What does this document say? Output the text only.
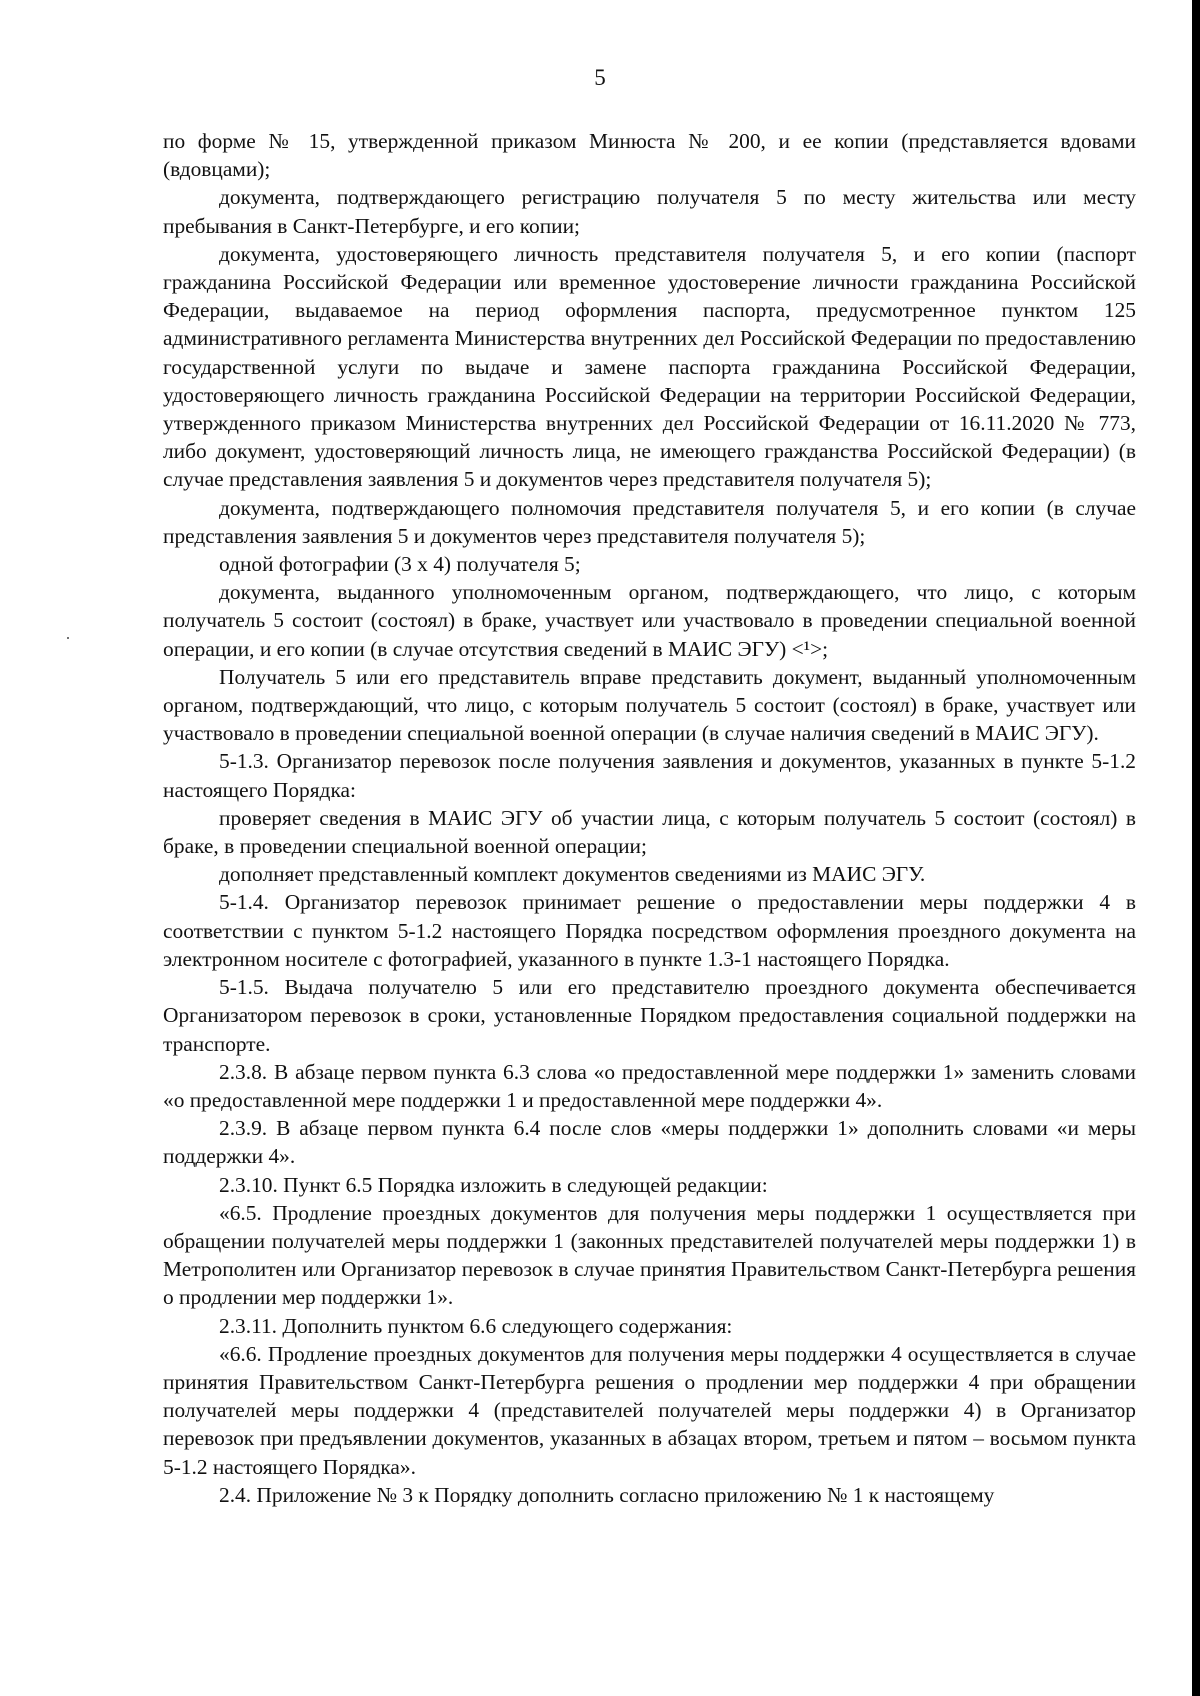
5

по форме № 15, утвержденной приказом Минюста № 200, и ее копии (представляется вдовами (вдовцами);

документа, подтверждающего регистрацию получателя 5 по месту жительства или месту пребывания в Санкт-Петербурге, и его копии;

документа, удостоверяющего личность представителя получателя 5, и его копии (паспорт гражданина Российской Федерации или временное удостоверение личности гражданина Российской Федерации, выдаваемое на период оформления паспорта, предусмотренное пунктом 125 административного регламента Министерства внутренних дел Российской Федерации по предоставлению государственной услуги по выдаче и замене паспорта гражданина Российской Федерации, удостоверяющего личность гражданина Российской Федерации на территории Российской Федерации, утвержденного приказом Министерства внутренних дел Российской Федерации от 16.11.2020 № 773, либо документ, удостоверяющий личность лица, не имеющего гражданства Российской Федерации) (в случае представления заявления 5 и документов через представителя получателя 5);

документа, подтверждающего полномочия представителя получателя 5, и его копии (в случае представления заявления 5 и документов через представителя получателя 5);

одной фотографии (3 х 4) получателя 5;

документа, выданного уполномоченным органом, подтверждающего, что лицо, с которым получатель 5 состоит (состоял) в браке, участвует или участвовало в проведении специальной военной операции, и его копии (в случае отсутствия сведений в МАИС ЭГУ) <¹>;

Получатель 5 или его представитель вправе представить документ, выданный уполномоченным органом, подтверждающий, что лицо, с которым получатель 5 состоит (состоял) в браке, участвует или участвовало в проведении специальной военной операции (в случае наличия сведений в МАИС ЭГУ).

5-1.3. Организатор перевозок после получения заявления и документов, указанных в пункте 5-1.2 настоящего Порядка:

проверяет сведения в МАИС ЭГУ об участии лица, с которым получатель 5 состоит (состоял) в браке, в проведении специальной военной операции;

дополняет представленный комплект документов сведениями из МАИС ЭГУ.

5-1.4. Организатор перевозок принимает решение о предоставлении меры поддержки 4 в соответствии с пунктом 5-1.2 настоящего Порядка посредством оформления проездного документа на электронном носителе с фотографией, указанного в пункте 1.3-1 настоящего Порядка.

5-1.5. Выдача получателю 5 или его представителю проездного документа обеспечивается Организатором перевозок в сроки, установленные Порядком предоставления социальной поддержки на транспорте.

2.3.8. В абзаце первом пункта 6.3 слова «о предоставленной мере поддержки 1» заменить словами «о предоставленной мере поддержки 1 и предоставленной мере поддержки 4».

2.3.9. В абзаце первом пункта 6.4 после слов «меры поддержки 1» дополнить словами «и меры поддержки 4».

2.3.10. Пункт 6.5 Порядка изложить в следующей редакции:

«6.5. Продление проездных документов для получения меры поддержки 1 осуществляется при обращении получателей меры поддержки 1 (законных представителей получателей меры поддержки 1) в Метрополитен или Организатор перевозок в случае принятия Правительством Санкт-Петербурга решения о продлении мер поддержки 1».

2.3.11. Дополнить пунктом 6.6 следующего содержания:

«6.6. Продление проездных документов для получения меры поддержки 4 осуществляется в случае принятия Правительством Санкт-Петербурга решения о продлении мер поддержки 4 при обращении получателей меры поддержки 4 (представителей получателей меры поддержки 4) в Организатор перевозок при предъявлении документов, указанных в абзацах втором, третьем и пятом – восьмом пункта 5-1.2 настоящего Порядка».

2.4. Приложение № 3 к Порядку дополнить согласно приложению № 1 к настоящему
